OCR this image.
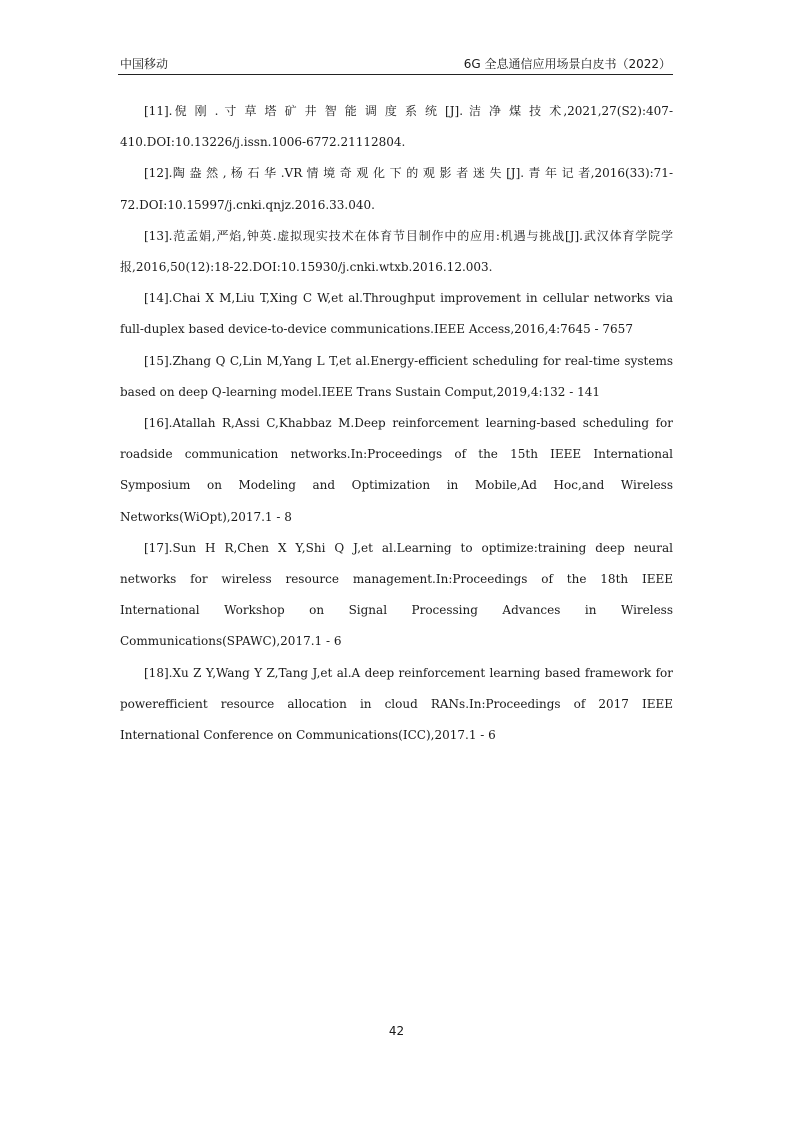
中国移动	6G 全息通信应用场景白皮书（2022）

[11].倪 刚 . 寸 草 塔 矿 井 智 能 调 度 系 统 [J]. 洁 净 煤 技 术,2021,27(S2):407-410.DOI:10.13226/j.issn.1006-6772.21112804.

[12].陶 盎 然 , 杨 石 华 .VR 情 境 奇 观 化 下 的 观 影 者 迷 失 [J]. 青 年 记 者,2016(33):71-72.DOI:10.15997/j.cnki.qnjz.2016.33.040.

[13].范孟娟,严焰,钟英.虚拟现实技术在体育节目制作中的应用:机遇与挑战[J].武汉体育学院学报,2016,50(12):18-22.DOI:10.15930/j.cnki.wtxb.2016.12.003.

[14].Chai X M,Liu T,Xing C W,et al.Throughput improvement in cellular networks via full-duplex based device-to-device communications.IEEE Access,2016,4:7645 - 7657

[15].Zhang Q C,Lin M,Yang L T,et al.Energy-efficient scheduling for real-time systems based on deep Q-learning model.IEEE Trans Sustain Comput,2019,4:132 - 141

[16].Atallah R,Assi C,Khabbaz M.Deep reinforcement learning-based scheduling for roadside communication networks.In:Proceedings of the 15th IEEE International Symposium on Modeling and Optimization in Mobile,Ad Hoc,and Wireless Networks(WiOpt),2017.1 - 8

[17].Sun H R,Chen X Y,Shi Q J,et al.Learning to optimize:training deep neural networks for wireless resource management.In:Proceedings of the 18th IEEE International Workshop on Signal Processing Advances in Wireless Communications(SPAWC),2017.1 - 6

[18].Xu Z Y,Wang Y Z,Tang J,et al.A deep reinforcement learning based framework for powerefficient resource allocation in cloud RANs.In:Proceedings of 2017 IEEE International Conference on Communications(ICC),2017.1 - 6

42
